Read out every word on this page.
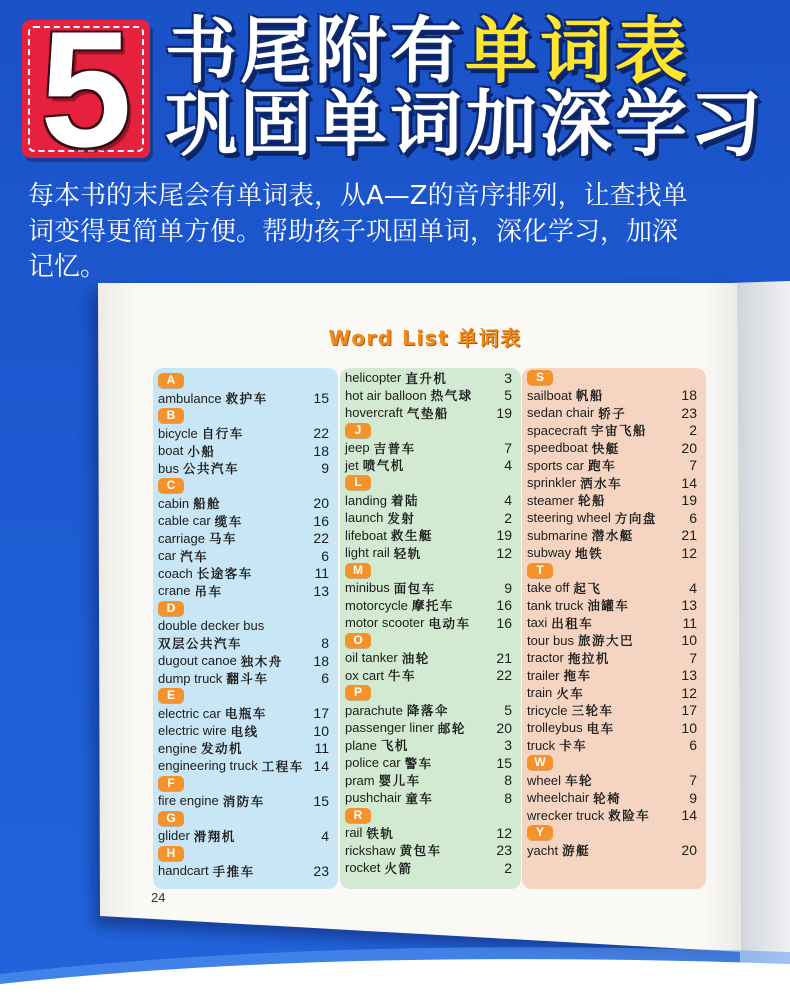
5 书尾附有单词表
巩固单词加深学习
每本书的末尾会有单词表，从A—Z的音序排列，让查找单
词变得更简单方便。帮助孩子巩固单词，深化学习，加深
记忆。
Word List 单词表
A
ambulance 救护车	15
B
bicycle 自行车	22
boat 小船	18
bus 公共汽车	9
C
cabin 船舱	20
cable car 缆车	16
carriage 马车	22
car 汽车	6
coach 长途客车	11
crane 吊车	13
D
double decker bus
双层公共汽车	8
dugout canoe 独木舟 18
dump truck 翻斗车	6
E
electric car 电瓶车	17
electric wire 电线	10
engine 发动机	11
engineering truck 工程车 14
F
fire engine 消防车	15
G
glider 滑翔机	4
H
handcart 手推车	23
helicopter 直升机	3
hot air balloon 热气球 5
hovercraft 气垫船	19
J
jeep 吉普车	7
jet 喷气机	4
L
landing 着陆	4
launch 发射	2
lifeboat 救生艇	19
light rail 轻轨	12
M
minibus 面包车	9
motorcycle 摩托车	16
motor scooter 电动车 16
O
oil tanker 油轮	21
ox cart 牛车	22
P
parachute 降落伞	5
passenger liner 邮轮 20
plane 飞机	3
police car 警车	15
pram 婴儿车	8
pushchair 童车	8
R
rail 铁轨	12
rickshaw 黄包车	23
rocket 火箭	2
S
sailboat 帆船	18
sedan chair 轿子	23
spacecraft 宇宙飞船	2
speedboat 快艇	20
sports car 跑车	7
sprinkler 洒水车	14
steamer 轮船	19
steering wheel 方向盘 6
submarine 潜水艇	21
subway 地铁	12
T
take off 起飞	4
tank truck 油罐车	13
taxi 出租车	11
tour bus 旅游大巴	10
tractor 拖拉机	7
trailer 拖车	13
train 火车	12
tricycle 三轮车	17
trolleybus 电车	10
truck 卡车	6
W
wheel 车轮	7
wheelchair 轮椅	9
wrecker truck 救险车 14
Y
yacht 游艇	20
24
